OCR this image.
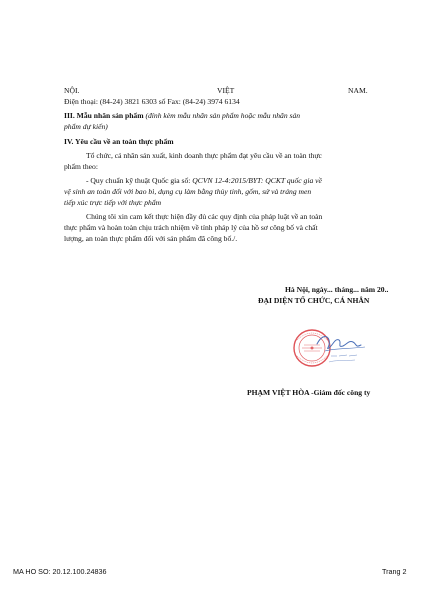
NỘI.	VIỆT	NAM.
Điện thoại: (84-24) 3821 6303 số Fax: (84-24) 3974 6134
III. Mẫu nhãn sản phẩm (đính kèm mẫu nhãn sản phẩm hoặc mẫu nhãn sản
phẩm dự kiến)
IV. Yêu cầu về an toàn thực phẩm
Tổ chức, cá nhân sản xuất, kinh doanh thực phẩm đạt yêu cầu về an toàn thực
phẩm theo:
- Quy chuẩn kỹ thuật Quốc gia số: QCVN 12-4:2015/BYT: QCKT quốc gia về
vệ sinh an toàn đối với bao bì, dụng cụ làm bằng thủy tinh, gốm, sứ và tráng men
tiếp xúc trực tiếp với thực phẩm
Chúng tôi xin cam kết thực hiện đầy đủ các quy định của pháp luật về an toàn
thực phẩm và hoàn toàn chịu trách nhiệm về tính pháp lý của hồ sơ công bố và chất
lượng, an toàn thực phẩm đối với sản phẩm đã công bố./.
Hà Nội, ngày... tháng... năm 20..
ĐẠI DIỆN TỔ CHỨC, CÁ NHÂN
PHẠM VIỆT HÒA -Giám đốc công ty
MA HO SO: 20.12.100.24836	Trang 2
